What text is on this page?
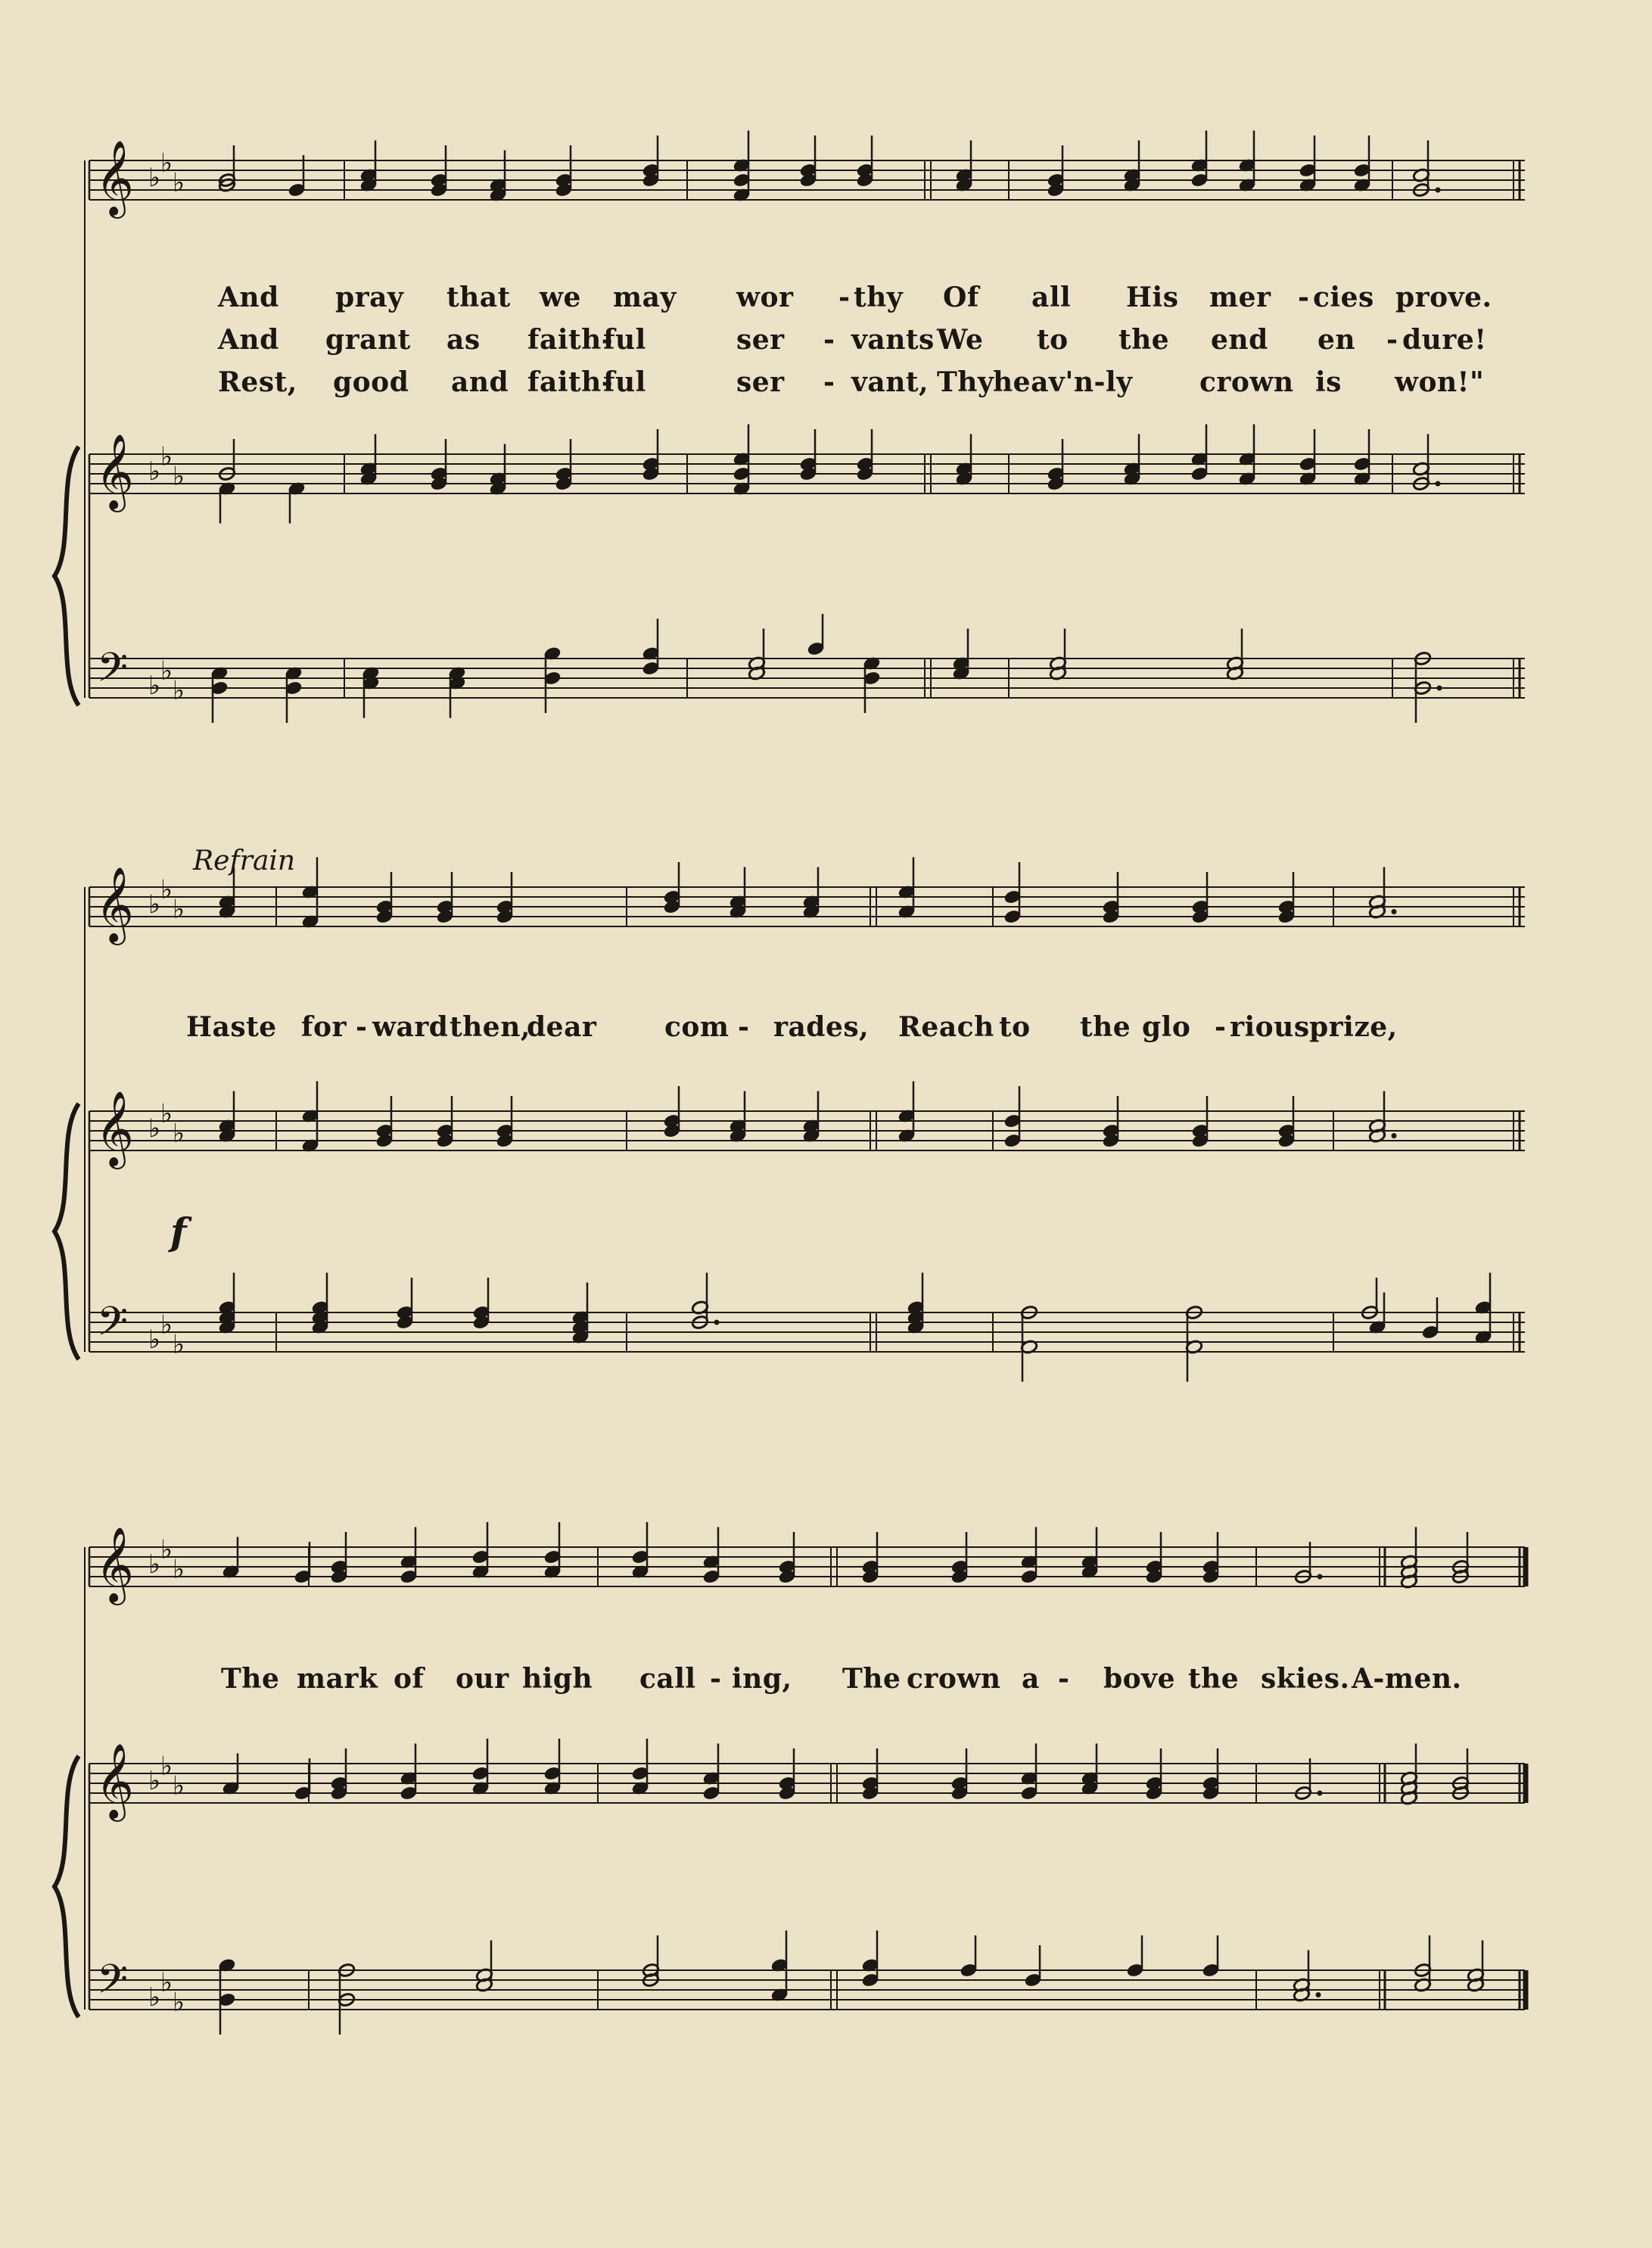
𝄞
𝄞
𝄢
♭ ♭
♭
♭ ♭
♭
♭ ♭
♭
𝄞
𝄞
𝄢
♭ ♭
♭
♭ ♭
♭
♭ ♭
♭
𝄞
𝄞
𝄢
♭ ♭
♭
♭ ♭
♭
♭ ♭
♭
And pray that we may wor - thy Of all His mer - cies prove.
And grant as faith-
ful	ser - vants We to the end en - dure!
Rest, good and faith-
ful	ser - vant, Thy
heav'n-ly crown is won!"
Haste for - ward then,
dear com - rades, Reach to the glo - rious prize,
The mark of our high call - ing, The crown a - bove the skies. A-men.
Refrain
f
